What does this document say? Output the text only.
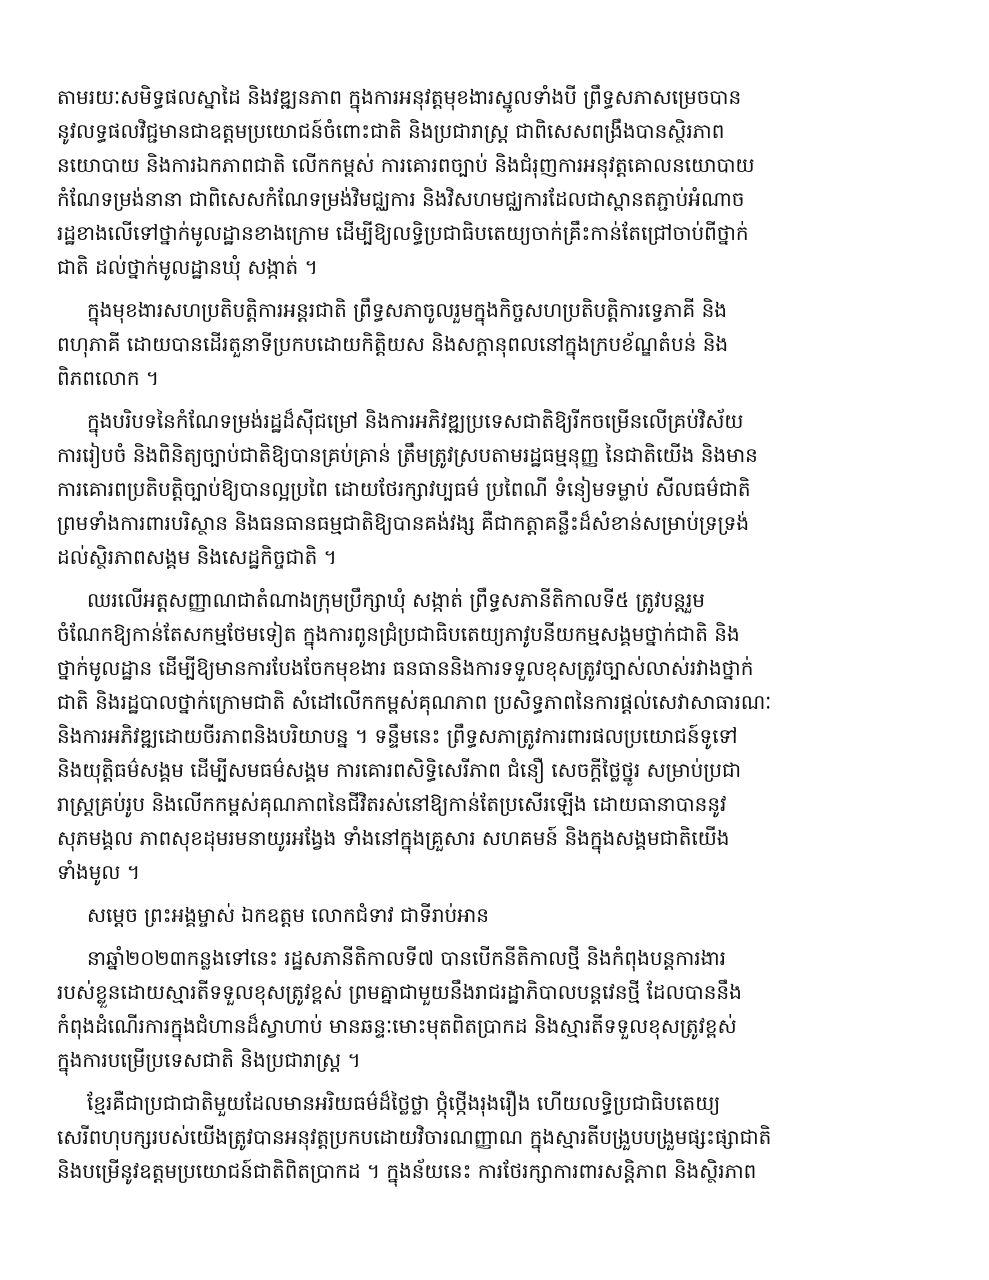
តាមរយៈសមិទ្ធផលស្នាដៃ និងវឌ្ឍនភាព ក្នុងការអនុវត្តមុខងារស្នូលទាំងបី ព្រឹទ្ធសភាសម្រេចបាន
នូវលទ្ធផលវិជ្ជមានជាឧត្តមប្រយោជន៍ចំពោះជាតិ និងប្រជារាស្ត្រ ជាពិសេសពង្រឹងបានស្ថិរភាព
នយោបាយ និងការឯកភាពជាតិ លើកកម្ពស់ ការគោរពច្បាប់ និងជំរុញការអនុវត្តគោលនយោបាយ
កំណែទម្រង់នានា ជាពិសេសកំណែទម្រង់វិមជ្ឈការ និងវិសហមជ្ឈការដែលជាស្ពានតភ្ជាប់អំណាច
រដ្ឋខាងលើទៅថ្នាក់មូលដ្ឋានខាងក្រោម ដើម្បីឱ្យលទ្ធិប្រជាធិបតេយ្យចាក់គ្រឹះកាន់តែជ្រៅចាប់ពីថ្នាក់
ជាតិ ដល់ថ្នាក់មូលដ្ឋានឃុំ សង្កាត់ ។

ក្នុងមុខងារសហប្រតិបត្តិការអន្តរជាតិ ព្រឹទ្ធសភាចូលរួមក្នុងកិច្ចសហប្រតិបត្តិការទ្វេភាគី និង
ពហុភាគី ដោយបានដើរតួនាទីប្រកបដោយកិត្តិយស និងសក្តានុពលនៅក្នុងក្របខ័ណ្ឌតំបន់ និង
ពិភពលោក ។

ក្នុងបរិបទនៃកំណែទម្រង់រដ្ឋដ៏ស៊ីជម្រៅ និងការអភិវឌ្ឍប្រទេសជាតិឱ្យរីកចម្រើនលើគ្រប់វិស័យ
ការរៀបចំ និងពិនិត្យច្បាប់ជាតិឱ្យបានគ្រប់គ្រាន់ ត្រឹមត្រូវស្របតាមរដ្ឋធម្មនុញ្ញ នៃជាតិយើង និងមាន
ការគោរពប្រតិបត្តិច្បាប់ឱ្យបានល្អប្រពៃ ដោយថែរក្សាវប្បធម៌ ប្រពៃណី ទំនៀមទម្លាប់ សីលធម៌ជាតិ
ព្រមទាំងការពារបរិស្ថាន និងធនធានធម្មជាតិឱ្យបានគង់វង្ស គឺជាកត្តាគន្លឹះដ៏សំខាន់សម្រាប់ទ្រទ្រង់
ដល់ស្ថិរភាពសង្គម និងសេដ្ឋកិច្ចជាតិ ។

ឈរលើអត្តសញ្ញាណជាតំណាងក្រុមប្រឹក្សាឃុំ សង្កាត់ ព្រឹទ្ធសភានីតិកាលទី៥ ត្រូវបន្តរួម
ចំណែកឱ្យកាន់តែសកម្មថែមទៀត ក្នុងការពូនជ្រំប្រជាធិបតេយ្យភាវូបនីយកម្មសង្គមថ្នាក់ជាតិ និង
ថ្នាក់មូលដ្ឋាន ដើម្បីឱ្យមានការបែងចែកមុខងារ ធនធាននិងការទទួលខុសត្រូវច្បាស់លាស់រវាងថ្នាក់
ជាតិ និងរដ្ឋបាលថ្នាក់ក្រោមជាតិ សំដៅលើកកម្ពស់គុណភាព ប្រសិទ្ធភាពនៃការផ្តល់សេវាសាធារណៈ
និងការអភិវឌ្ឍដោយចីរភាពនិងបរិយាបន្ន ។ ទន្ទឹមនេះ ព្រឹទ្ធសភាត្រូវការពារផលប្រយោជន៍ទូទៅ
និងយុត្តិធម៌សង្គម ដើម្បីសមធម៌សង្គម ការគោរពសិទ្ធិសេរីភាព ជំនឿ សេចក្តីថ្លៃថ្នូរ សម្រាប់ប្រជា
រាស្ត្រគ្រប់រូប និងលើកកម្ពស់គុណភាពនៃជីវិតរស់នៅឱ្យកាន់តែប្រសើរឡើង ដោយធានាបាននូវ
សុភមង្គល ភាពសុខដុមរមនាយូរអង្វែង ទាំងនៅក្នុងគ្រួសារ សហគមន៍ និងក្នុងសង្គមជាតិយើង
ទាំងមូល ។

សម្តេច ព្រះអង្គម្ចាស់ ឯកឧត្តម លោកជំទាវ ជាទីរាប់អាន

នាឆ្នាំ២០២៣កន្លងទៅនេះ រដ្ឋសភានីតិកាលទី៧ បានបើកនីតិកាលថ្មី និងកំពុងបន្តការងារ
របស់ខ្លួនដោយស្មារតីទទួលខុសត្រូវខ្ពស់ ព្រមគ្នាជាមួយនឹងរាជរដ្ឋាភិបាលបន្តវេនថ្មី ដែលបាននឹង
កំពុងដំណើរការក្នុងជំហានដ៏ស្វាហាប់ មានឆន្ទៈមោះមុតពិតប្រាកដ និងស្មារតីទទួលខុសត្រូវខ្ពស់
ក្នុងការបម្រើប្រទេសជាតិ និងប្រជារាស្ត្រ ។

ខ្មែរគឺជាប្រជាជាតិមួយដែលមានអរិយធម៌ដ៏ថ្លៃថ្លា ថ្កុំថ្កើងរុងរឿង ហើយលទ្ធិប្រជាធិបតេយ្យ
សេរីពហុបក្សរបស់យើងត្រូវបានអនុវត្តប្រកបដោយវិចារណញ្ញាណ ក្នុងស្មារតីបង្រួបបង្រួមផ្សះផ្សាជាតិ
និងបម្រើនូវឧត្តមប្រយោជន៍ជាតិពិតប្រាកដ ។ ក្នុងន័យនេះ ការថែរក្សាការពារសន្តិភាព និងស្ថិរភាព
